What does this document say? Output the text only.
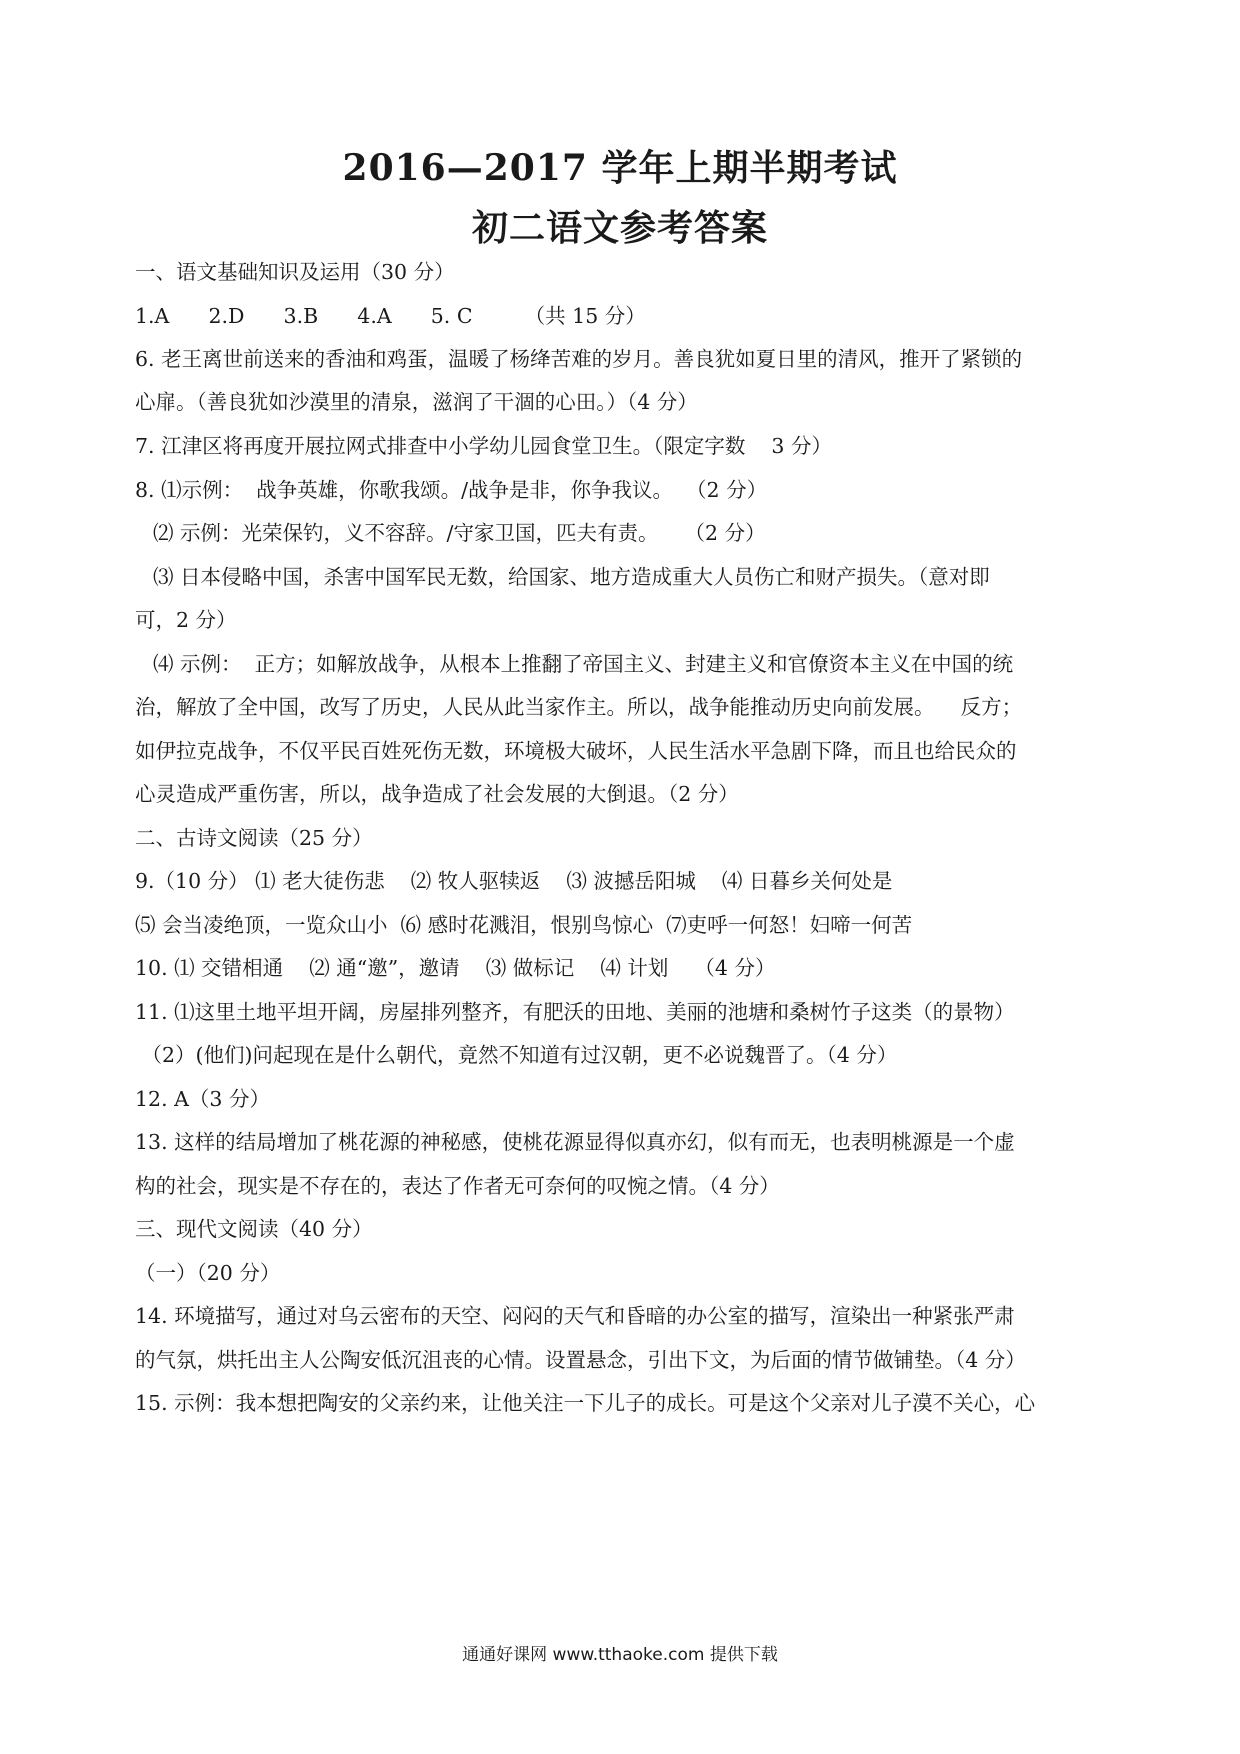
2016—2017 学年上期半期考试
初二语文参考答案
一、语文基础知识及运用（30 分）
1.A      2.D      3.B      4.A      5. C        （共 15 分）
6. 老王离世前送来的香油和鸡蛋，温暖了杨绛苦难的岁月。善良犹如夏日里的清风，推开了紧锁的
心扉。（善良犹如沙漠里的清泉，滋润了干涸的心田。）（4 分）
7. 江津区将再度开展拉网式排查中小学幼儿园食堂卫生。（限定字数    3 分）
8. ⑴示例：  战争英雄，你歌我颂。/战争是非，你争我议。  （2 分）
⑵ 示例：光荣保钓，义不容辞。/守家卫国，匹夫有责。    （2 分）
⑶ 日本侵略中国，杀害中国军民无数，给国家、地方造成重大人员伤亡和财产损失。（意对即
可，2 分）
⑷ 示例：  正方；如解放战争，从根本上推翻了帝国主义、封建主义和官僚资本主义在中国的统
治，解放了全中国，改写了历史，人民从此当家作主。所以，战争能推动历史向前发展。    反方；
如伊拉克战争，不仅平民百姓死伤无数，环境极大破坏，人民生活水平急剧下降，而且也给民众的
心灵造成严重伤害，所以，战争造成了社会发展的大倒退。（2 分）
二、古诗文阅读（25 分）
9.（10 分） ⑴ 老大徒伤悲    ⑵ 牧人驱犊返    ⑶ 波撼岳阳城    ⑷ 日暮乡关何处是
⑸ 会当凌绝顶，一览众山小  ⑹ 感时花溅泪，恨别鸟惊心  ⑺吏呼一何怒！妇啼一何苦
10. ⑴ 交错相通    ⑵ 通“邀”，邀请    ⑶ 做标记    ⑷ 计划    （4 分）
11. ⑴这里土地平坦开阔，房屋排列整齐，有肥沃的田地、美丽的池塘和桑树竹子这类（的景物）
（2）(他们)问起现在是什么朝代，竟然不知道有过汉朝，更不必说魏晋了。（4 分）
12. A（3 分）
13. 这样的结局增加了桃花源的神秘感，使桃花源显得似真亦幻，似有而无，也表明桃源是一个虚
构的社会，现实是不存在的，表达了作者无可奈何的叹惋之情。（4 分）
三、现代文阅读（40 分）
（一）（20 分）
14. 环境描写，通过对乌云密布的天空、闷闷的天气和昏暗的办公室的描写，渲染出一种紧张严肃
的气氛，烘托出主人公陶安低沉沮丧的心情。设置悬念，引出下文，为后面的情节做铺垫。（4 分）
15. 示例：我本想把陶安的父亲约来，让他关注一下儿子的成长。可是这个父亲对儿子漠不关心，心
通通好课网 www.tthaoke.com 提供下载
